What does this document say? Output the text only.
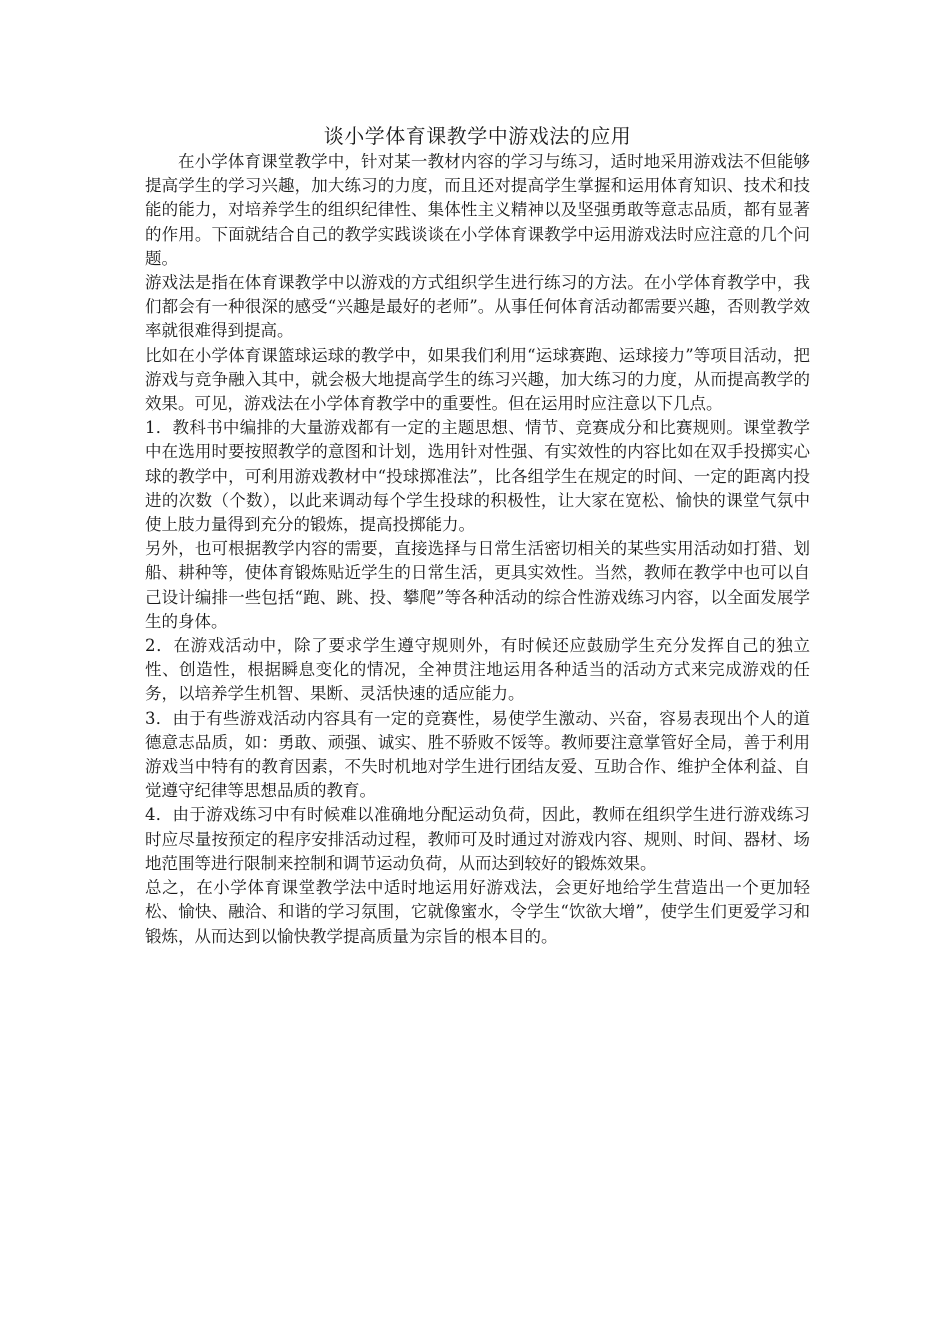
谈小学体育课教学中游戏法的应用

在小学体育课堂教学中，针对某一教材内容的学习与练习，适时地采用游戏法不但能够提高学生的学习兴趣，加大练习的力度，而且还对提高学生掌握和运用体育知识、技术和技能的能力，对培养学生的组织纪律性、集体性主义精神以及坚强勇敢等意志品质，都有显著的作用。下面就结合自己的教学实践谈谈在小学体育课教学中运用游戏法时应注意的几个问题。

游戏法是指在体育课教学中以游戏的方式组织学生进行练习的方法。在小学体育教学中，我们都会有一种很深的感受“兴趣是最好的老师”。从事任何体育活动都需要兴趣，否则教学效率就很难得到提高。

比如在小学体育课篮球运球的教学中，如果我们利用“运球赛跑、运球接力”等项目活动，把游戏与竞争融入其中，就会极大地提高学生的练习兴趣，加大练习的力度，从而提高教学的效果。可见，游戏法在小学体育教学中的重要性。但在运用时应注意以下几点。

1．教科书中编排的大量游戏都有一定的主题思想、情节、竞赛成分和比赛规则。课堂教学中在选用时要按照教学的意图和计划，选用针对性强、有实效性的内容比如在双手投掷实心球的教学中，可利用游戏教材中“投球掷准法”，比各组学生在规定的时间、一定的距离内投进的次数（个数），以此来调动每个学生投球的积极性，让大家在宽松、愉快的课堂气氛中使上肢力量得到充分的锻炼，提高投掷能力。

另外，也可根据教学内容的需要，直接选择与日常生活密切相关的某些实用活动如打猎、划船、耕种等，使体育锻炼贴近学生的日常生活，更具实效性。当然，教师在教学中也可以自己设计编排一些包括“跑、跳、投、攀爬”等各种活动的综合性游戏练习内容，以全面发展学生的身体。

2．在游戏活动中，除了要求学生遵守规则外，有时候还应鼓励学生充分发挥自己的独立性、创造性，根据瞬息变化的情况，全神贯注地运用各种适当的活动方式来完成游戏的任务，以培养学生机智、果断、灵活快速的适应能力。

3．由于有些游戏活动内容具有一定的竞赛性，易使学生激动、兴奋，容易表现出个人的道德意志品质，如：勇敢、顽强、诚实、胜不骄败不馁等。教师要注意掌管好全局，善于利用游戏当中特有的教育因素，不失时机地对学生进行团结友爱、互助合作、维护全体利益、自觉遵守纪律等思想品质的教育。

4．由于游戏练习中有时候难以准确地分配运动负荷，因此，教师在组织学生进行游戏练习时应尽量按预定的程序安排活动过程，教师可及时通过对游戏内容、规则、时间、器材、场地范围等进行限制来控制和调节运动负荷，从而达到较好的锻炼效果。

总之，在小学体育课堂教学法中适时地运用好游戏法，会更好地给学生营造出一个更加轻松、愉快、融洽、和谐的学习氛围，它就像蜜水，令学生“饮欲大增”，使学生们更爱学习和锻炼，从而达到以愉快教学提高质量为宗旨的根本目的。
